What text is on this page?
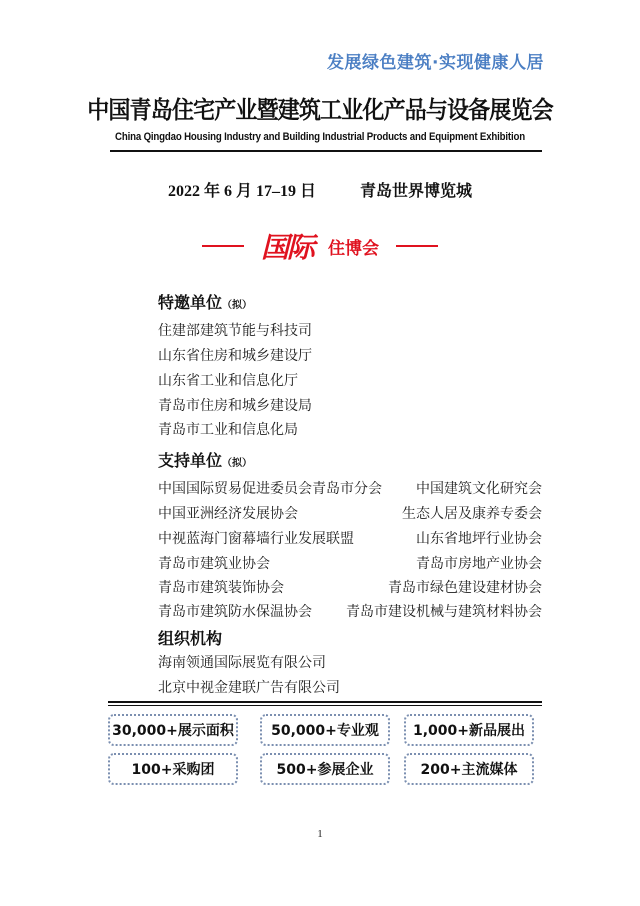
发展绿色建筑·实现健康人居
中国青岛住宅产业暨建筑工业化产品与设备展览会
China Qingdao Housing Industry and Building Industrial Products and Equipment Exhibition
2022 年 6 月 17–19 日	青岛世界博览城
国际 住博会
特邀单位（拟）
住建部建筑节能与科技司
山东省住房和城乡建设厅
山东省工业和信息化厅
青岛市住房和城乡建设局
青岛市工业和信息化局
支持单位（拟）
中国国际贸易促进委员会青岛市分会 中国建筑文化研究会
中国亚洲经济发展协会	生态人居及康养专委会
中视蓝海门窗幕墙行业发展联盟	山东省地坪行业协会
青岛市建筑业协会	青岛市房地产业协会
青岛市建筑装饰协会	青岛市绿色建设建材协会
青岛市建筑防水保温协会 青岛市建设机械与建筑材料协会
组织机构
海南领通国际展览有限公司
北京中视金建联广告有限公司
30,000+展示面积	50,000+专业观	1,000+新品展出
100+采购团	500+参展企业	200+主流媒体
1
